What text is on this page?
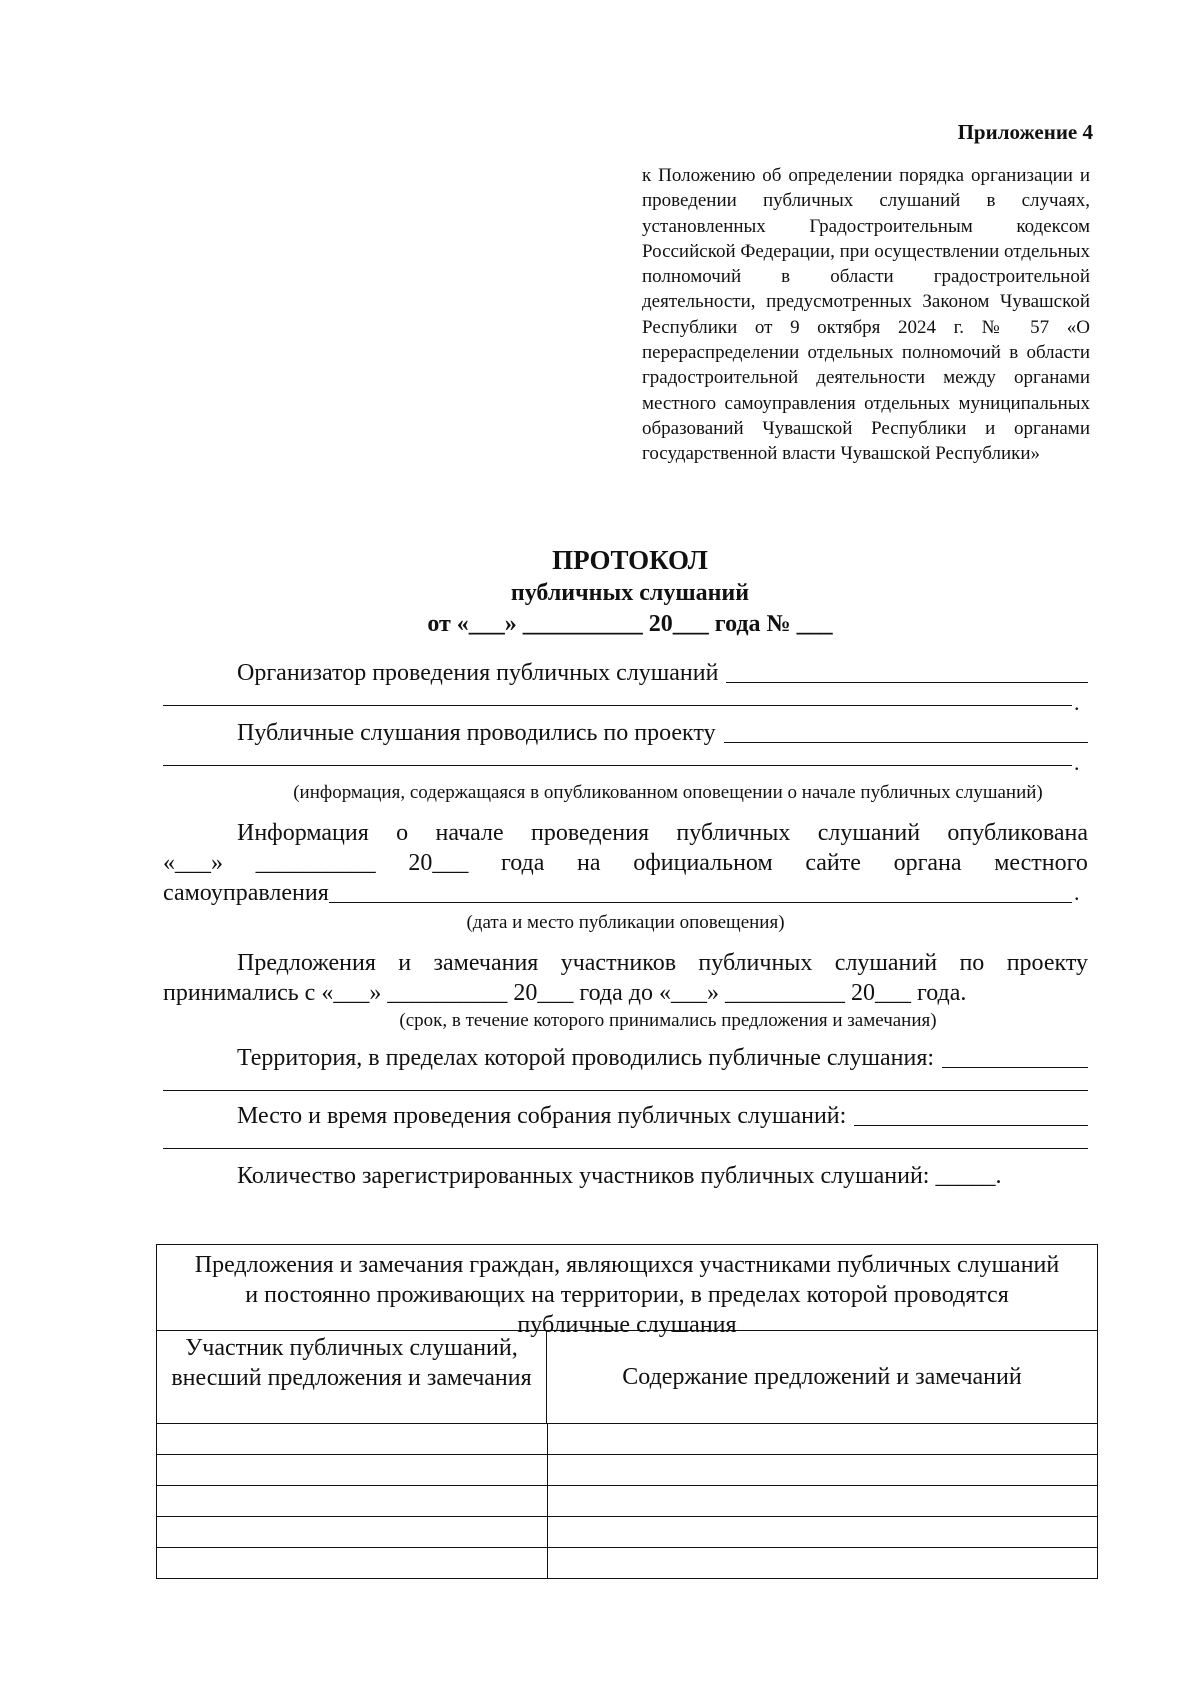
Приложение 4
к Положению об определении порядка организации и проведении публичных слушаний в случаях, установленных Градостроительным кодексом Российской Федерации, при осуществлении отдельных полномочий в области градостроительной деятельности, предусмотренных Законом Чувашской Республики от 9 октября 2024 г. № 57 «О перераспределении отдельных полномочий в области градостроительной деятельности между органами местного самоуправления отдельных муниципальных образований Чувашской Республики и органами государственной власти Чувашской Республики»
ПРОТОКОЛ
публичных слушаний
от «___» __________ 20___ года № ___
Организатор проведения публичных слушаний
.
Публичные слушания проводились по проекту
.
(информация, содержащаяся в опубликованном оповещении о начале публичных слушаний)
Информация о начале проведения публичных слушаний опубликована
«___» __________ 20___ года на официальном сайте органа местного
самоуправления	.
(дата и место публикации оповещения)
Предложения и замечания участников публичных слушаний по проекту
принимались с «___» __________ 20___ года до «___» __________ 20___ года.
(срок, в течение которого принимались предложения и замечания)
Территория, в пределах которой проводились публичные слушания:
Место и время проведения собрания публичных слушаний:
Количество зарегистрированных участников публичных слушаний: _____.
Предложения и замечания граждан, являющихся участниками публичных слушаний и постоянно проживающих на территории, в пределах которой проводятся публичные слушания
Участник публичных слушаний, внесший предложения и замечания	Содержание предложений и замечаний
